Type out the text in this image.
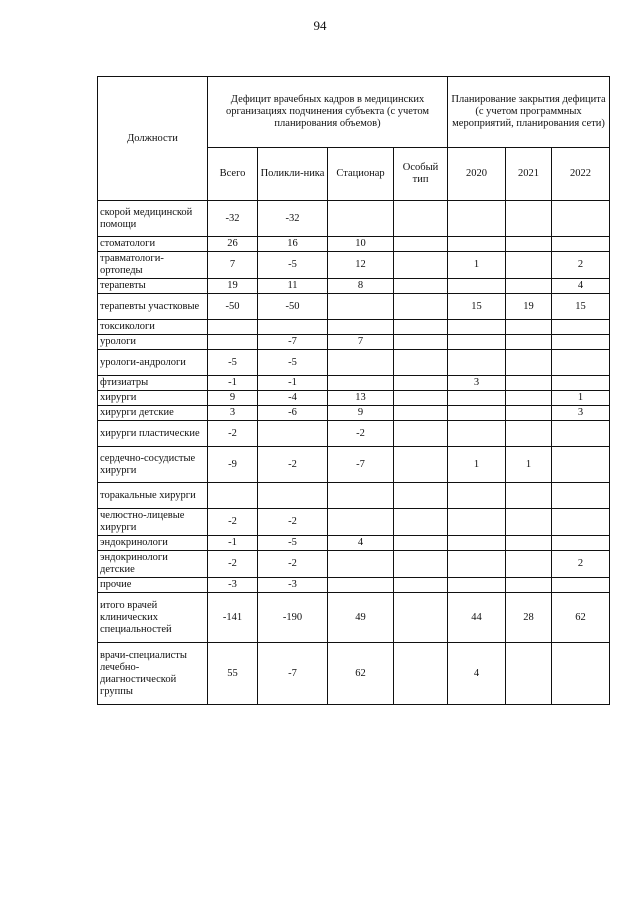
94
Должности	Дефицит врачебных кадров в медицинских организациях подчинения субъекта (с учетом планирования объемов)				Планирование закрытия дефицита (с учетом программных мероприятий, планирования сети)		
	Всего	Поликли-ника	Стационар	Особый тип	2020	2021	2022
скорой медицинской помощи	-32	-32					
стоматологи	26	16	10				
травматологи-ортопеды	7	-5	12		1		2
терапевты	19	11	8				4
терапевты участковые	-50	-50			15	19	15
токсикологи							
урологи		-7	7				
урологи-андрологи	-5	-5					
фтизиатры	-1	-1			3		
хирурги	9	-4	13				1
хирурги детские	3	-6	9				3
хирурги пластические	-2		-2				
сердечно-сосудистые хирурги	-9	-2	-7		1	1	
торакальные хирурги							
челюстно-лицевые хирурги	-2	-2					
эндокринологи	-1	-5	4				
эндокринологи детские	-2	-2					2
прочие	-3	-3					
итого врачей клинических специальностей	-141	-190	49		44	28	62
врачи-специалисты лечебно-диагностической группы	55	-7	62		4		
